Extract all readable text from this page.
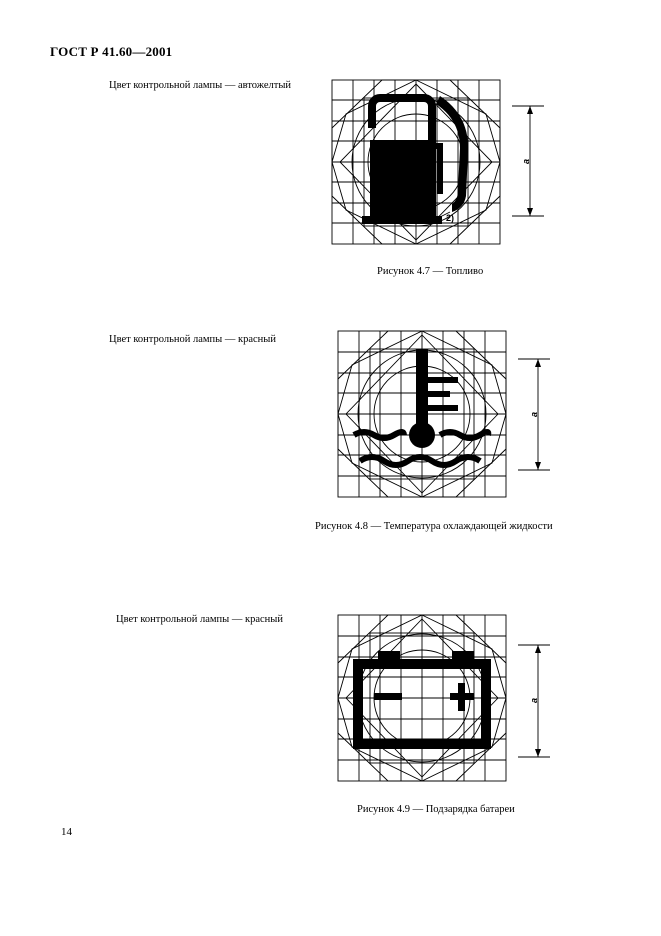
ГОСТ Р 41.60—2001
Цвет контрольной лампы — автожелтый
2)
a
Рисунок 4.7 — Топливо
Цвет контрольной лампы — красный
a
Рисунок 4.8 — Температура охлаждающей жидкости
Цвет контрольной лампы — красный
a
Рисунок 4.9 — Подзарядка батареи
14
